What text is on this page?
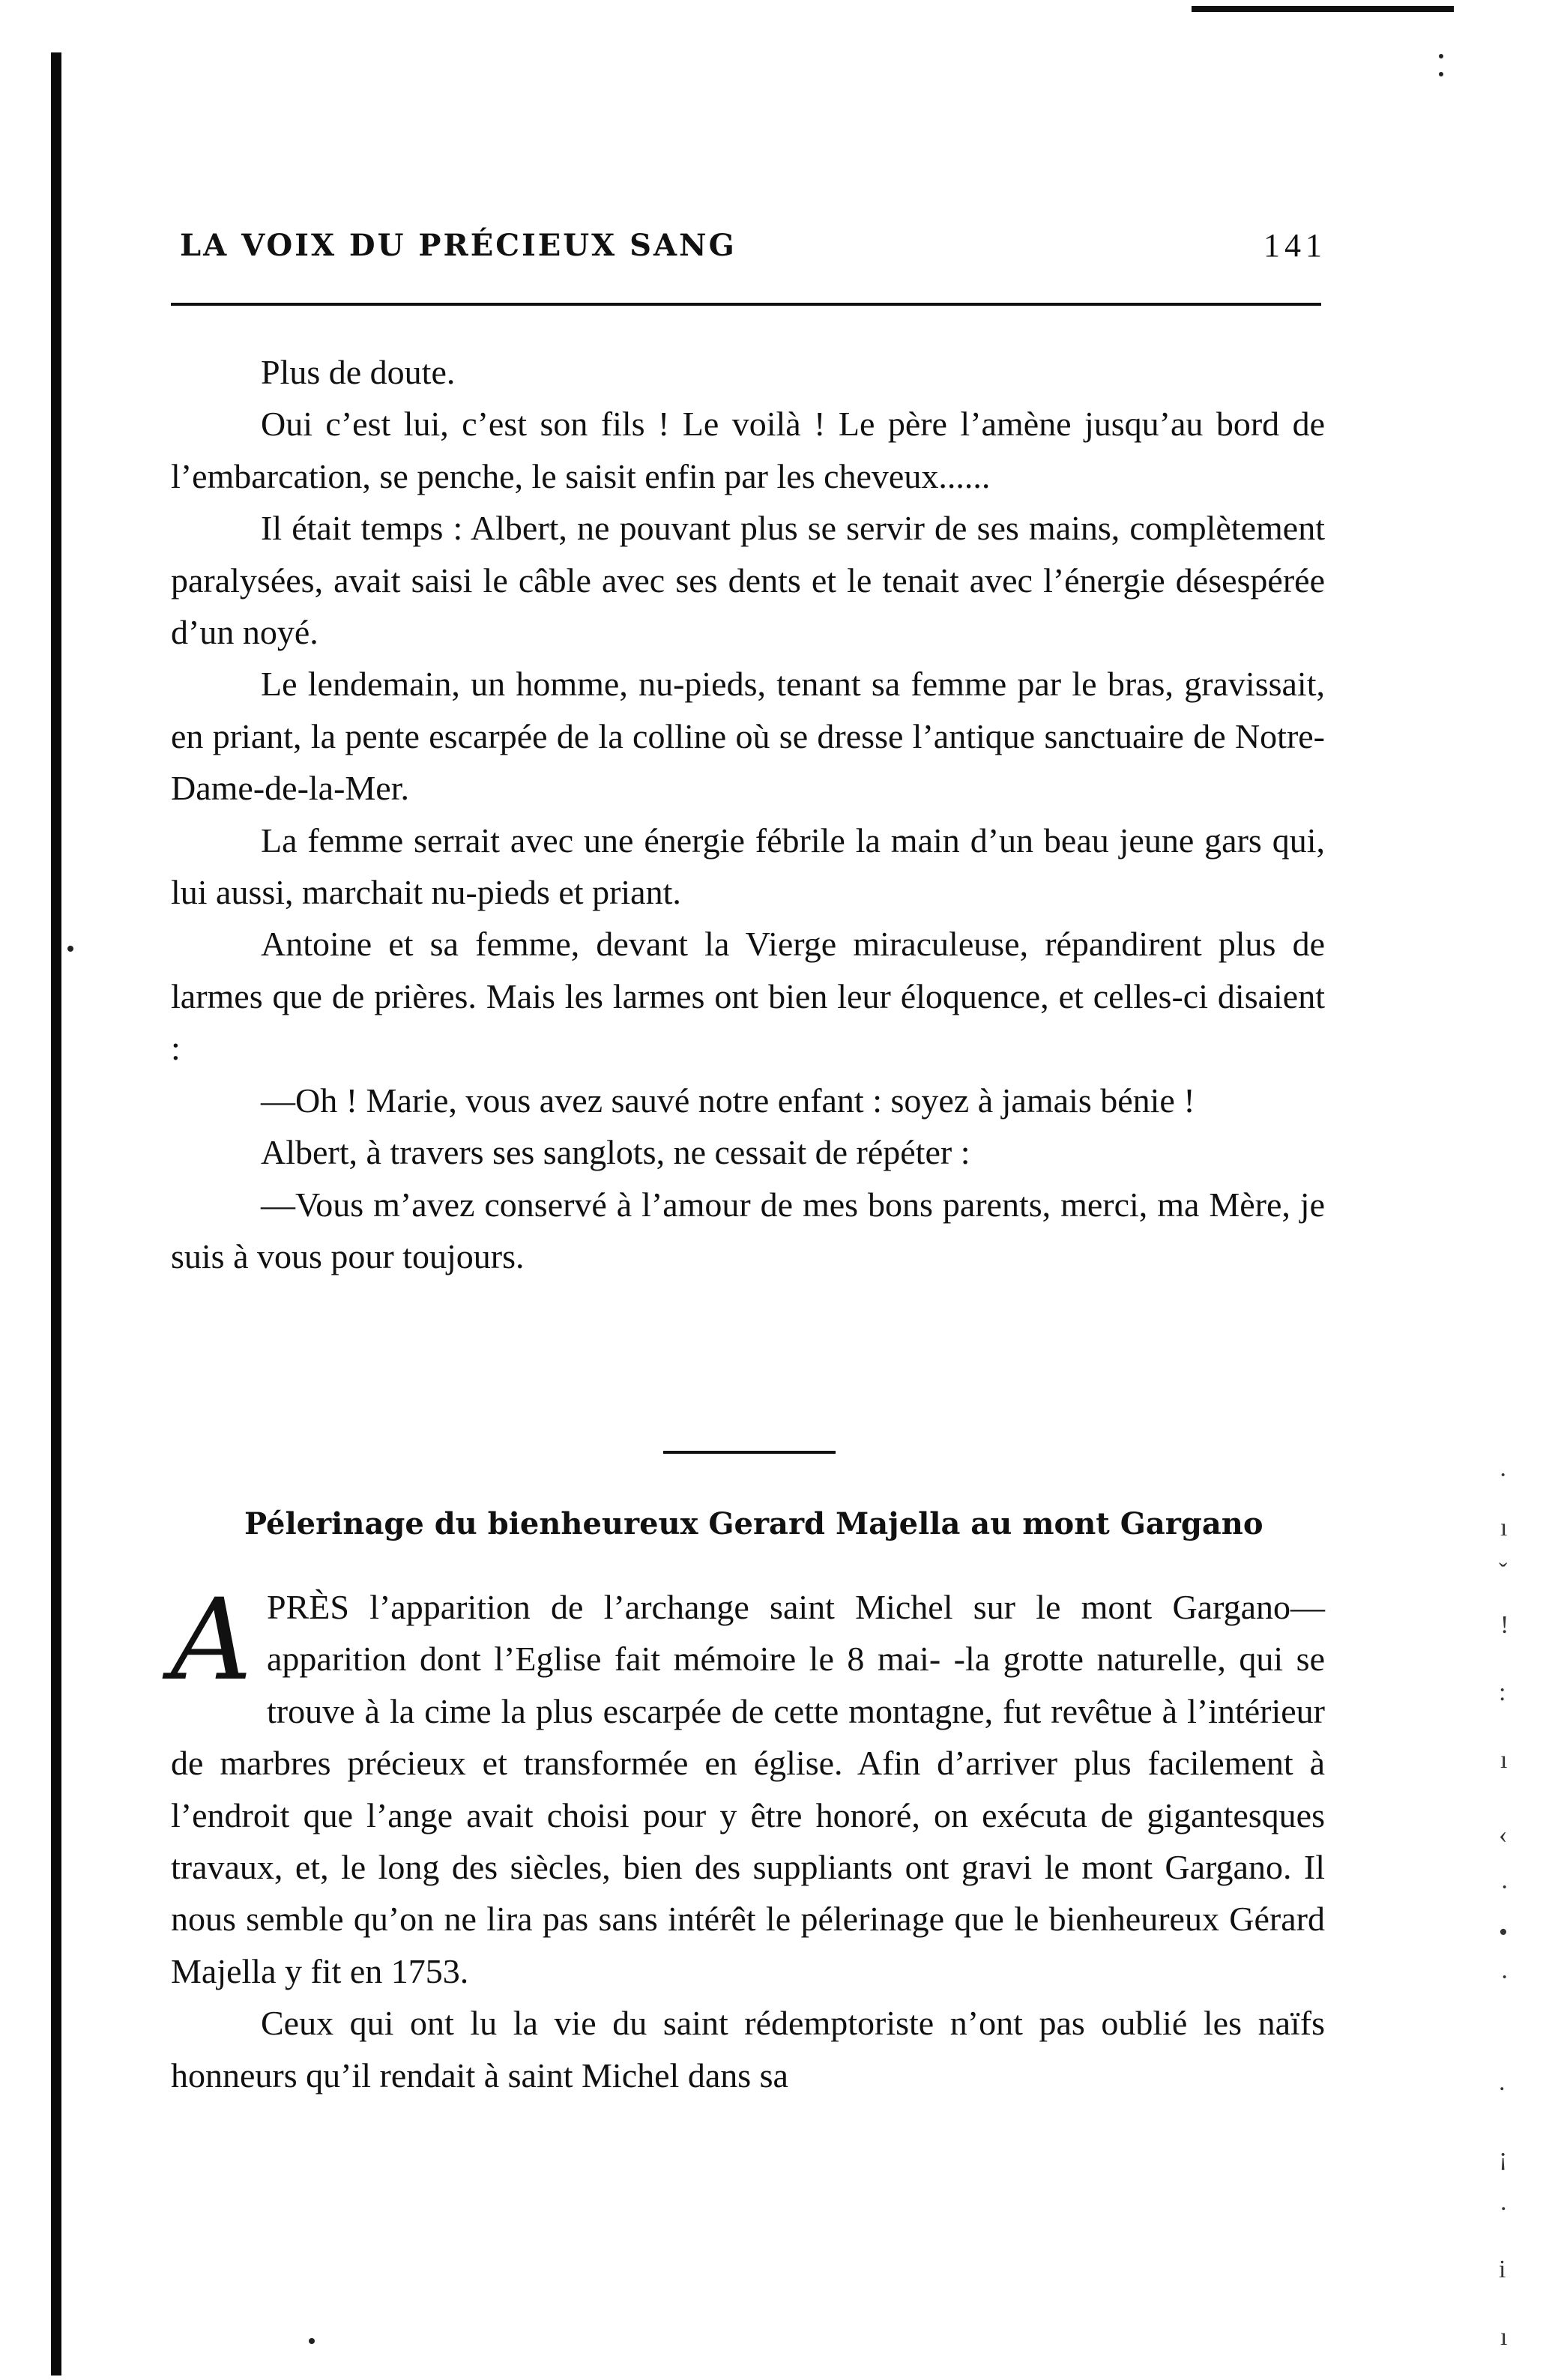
·
ı
ˇ
!
:
ı
‹
·
•
·
.
¡
.
i
ı
LA VOIX DU PRÉCIEUX SANG	141

Plus de doute.

Oui c’est lui, c’est son fils ! Le voilà ! Le père l’amène jusqu’au bord de l’embarcation, se penche, le saisit enfin par les cheveux......

Il était temps : Albert, ne pouvant plus se servir de ses mains, complètement paralysées, avait saisi le câble avec ses dents et le tenait avec l’énergie désespérée d’un noyé.

Le lendemain, un homme, nu-pieds, tenant sa femme par le bras, gravissait, en priant, la pente escarpée de la colline où se dresse l’antique sanctuaire de Notre-Dame-de-la-Mer.

La femme serrait avec une énergie fébrile la main d’un beau jeune gars qui, lui aussi, marchait nu-pieds et priant.

Antoine et sa femme, devant la Vierge miraculeuse, répandirent plus de larmes que de prières. Mais les larmes ont bien leur éloquence, et celles-ci disaient :

—Oh ! Marie, vous avez sauvé notre enfant : soyez à jamais bénie !

Albert, à travers ses sanglots, ne cessait de répéter :

—Vous m’avez conservé à l’amour de mes bons parents, merci, ma Mère, je suis à vous pour toujours.

Pélerinage du bienheureux Gerard Majella au mont Gargano

APRÈS l’apparition de l’archange saint Michel sur le mont Gargano—apparition dont l’Eglise fait mémoire le 8 mai- -la grotte naturelle, qui se trouve à la cime la plus escarpée de cette montagne, fut revêtue à l’intérieur de marbres précieux et transformée en église. Afin d’arriver plus facilement à l’endroit que l’ange avait choisi pour y être honoré, on exécuta de gigantesques travaux, et, le long des siècles, bien des suppliants ont gravi le mont Gargano. Il nous semble qu’on ne lira pas sans intérêt le pélerinage que le bienheureux Gérard Majella y fit en 1753.

Ceux qui ont lu la vie du saint rédemptoriste n’ont pas oublié les naïfs honneurs qu’il rendait à saint Michel dans sa
